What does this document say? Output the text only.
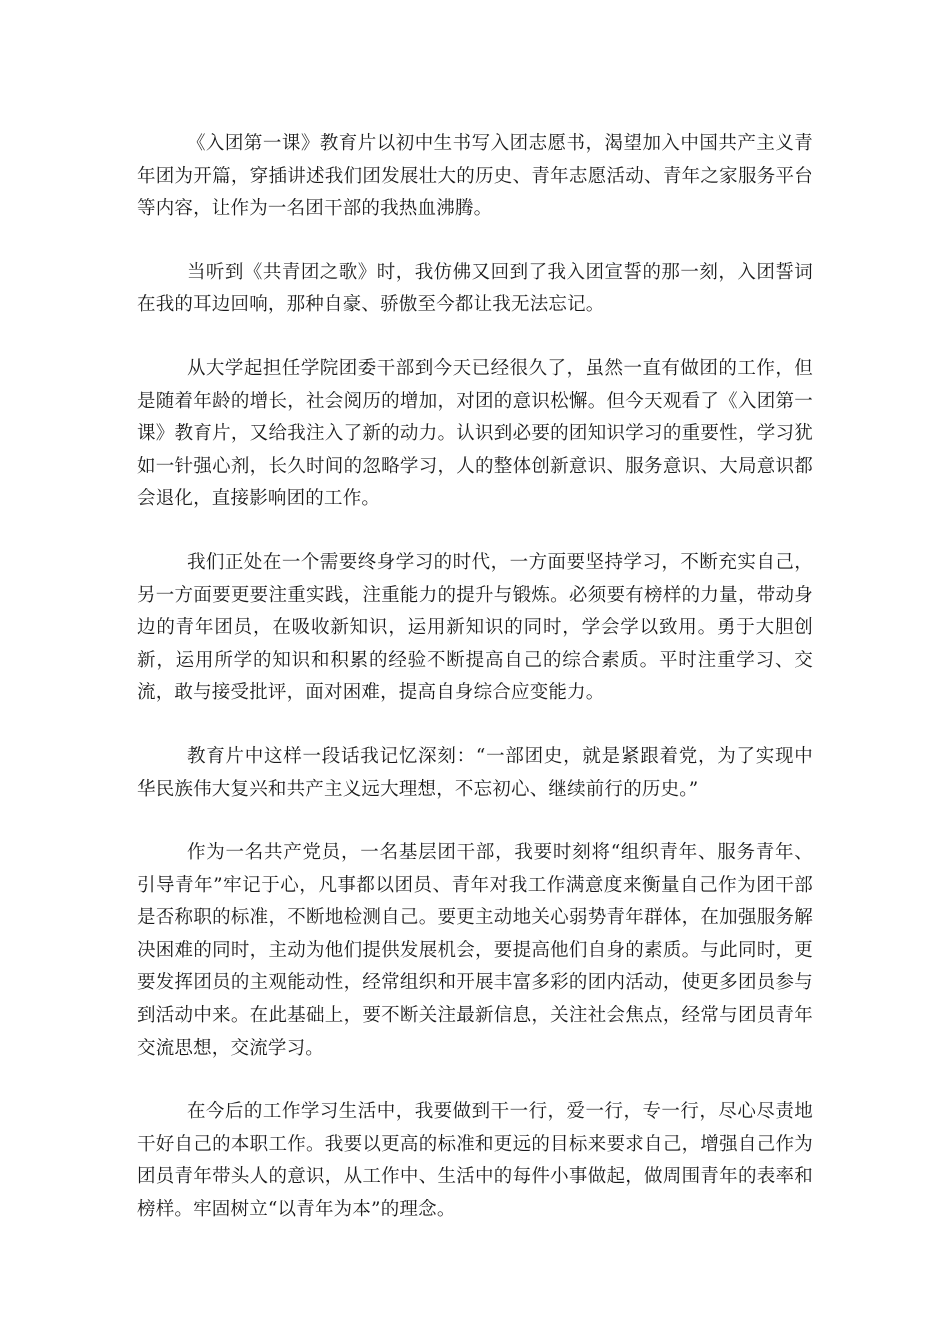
《入团第一课》教育片以初中生书写入团志愿书，渴望加入中国共产主义青年团为开篇，穿插讲述我们团发展壮大的历史、青年志愿活动、青年之家服务平台等内容，让作为一名团干部的我热血沸腾。

当听到《共青团之歌》时，我仿佛又回到了我入团宣誓的那一刻，入团誓词在我的耳边回响，那种自豪、骄傲至今都让我无法忘记。

从大学起担任学院团委干部到今天已经很久了，虽然一直有做团的工作，但是随着年龄的增长，社会阅历的增加，对团的意识松懈。但今天观看了《入团第一课》教育片，又给我注入了新的动力。认识到必要的团知识学习的重要性，学习犹如一针强心剂，长久时间的忽略学习，人的整体创新意识、服务意识、大局意识都会退化，直接影响团的工作。

我们正处在一个需要终身学习的时代，一方面要坚持学习，不断充实自己，另一方面要更要注重实践，注重能力的提升与锻炼。必须要有榜样的力量，带动身边的青年团员，在吸收新知识，运用新知识的同时，学会学以致用。勇于大胆创新，运用所学的知识和积累的经验不断提高自己的综合素质。平时注重学习、交流，敢与接受批评，面对困难，提高自身综合应变能力。

教育片中这样一段话我记忆深刻：“一部团史，就是紧跟着党，为了实现中华民族伟大复兴和共产主义远大理想，不忘初心、继续前行的历史。”

作为一名共产党员，一名基层团干部，我要时刻将“组织青年、服务青年、引导青年”牢记于心，凡事都以团员、青年对我工作满意度来衡量自己作为团干部是否称职的标准，不断地检测自己。要更主动地关心弱势青年群体，在加强服务解决困难的同时，主动为他们提供发展机会，要提高他们自身的素质。与此同时，更要发挥团员的主观能动性，经常组织和开展丰富多彩的团内活动，使更多团员参与到活动中来。在此基础上，要不断关注最新信息，关注社会焦点，经常与团员青年交流思想，交流学习。

在今后的工作学习生活中，我要做到干一行，爱一行，专一行，尽心尽责地干好自己的本职工作。我要以更高的标准和更远的目标来要求自己，增强自己作为团员青年带头人的意识，从工作中、生活中的每件小事做起，做周围青年的表率和榜样。牢固树立“以青年为本”的理念。
